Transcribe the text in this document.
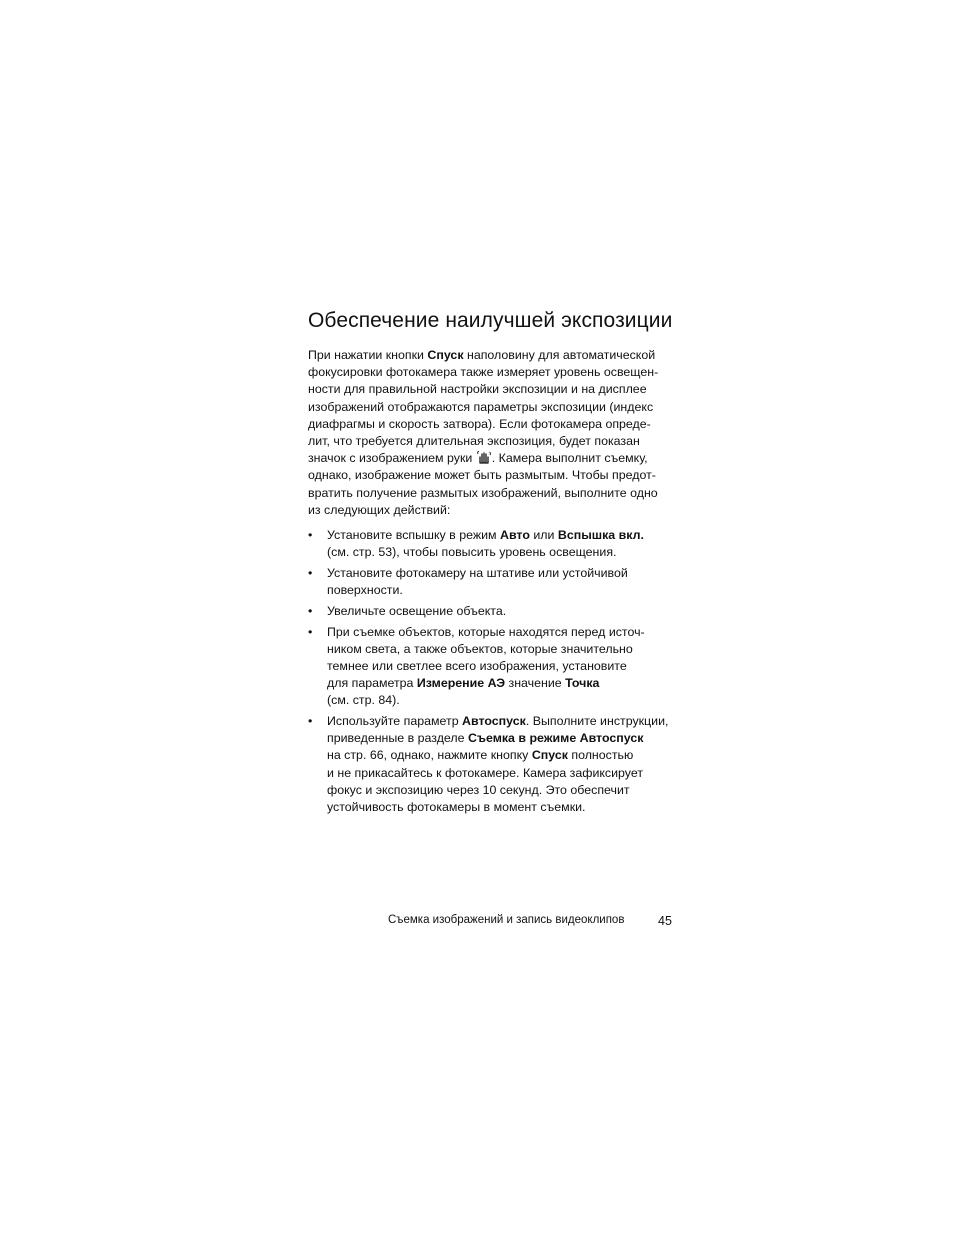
Обеспечение наилучшей экспозиции
При нажатии кнопки Спуск наполовину для автоматической
фокусировки фотокамера также измеряет уровень освещен-
ности для правильной настройки экспозиции и на дисплее
изображений отображаются параметры экспозиции (индекс
диафрагмы и скорость затвора). Если фотокамера опреде-
лит, что требуется длительная экспозиция, будет показан
значок с изображением руки . Камера выполнит съемку,
однако, изображение может быть размытым. Чтобы предот-
вратить получение размытых изображений, выполните одно
из следующих действий:
• Установите вспышку в режим Авто или Вспышка вкл.
(см. стр. 53), чтобы повысить уровень освещения.
• Установите фотокамеру на штативе или устойчивой
поверхности.
• Увеличьте освещение объекта.
• При съемке объектов, которые находятся перед источ-
ником света, а также объектов, которые значительно
темнее или светлее всего изображения, установите
для параметра Измерение АЭ значение Точка
(см. стр. 84).
• Используйте параметр Автоспуск. Выполните инструкции,
приведенные в разделе Съемка в режиме Автоспуск
на стр. 66, однако, нажмите кнопку Спуск полностью
и не прикасайтесь к фотокамере. Камера зафиксирует
фокус и экспозицию через 10 секунд. Это обеспечит
устойчивость фотокамеры в момент съемки.
Съемка изображений и запись видеоклипов	45
